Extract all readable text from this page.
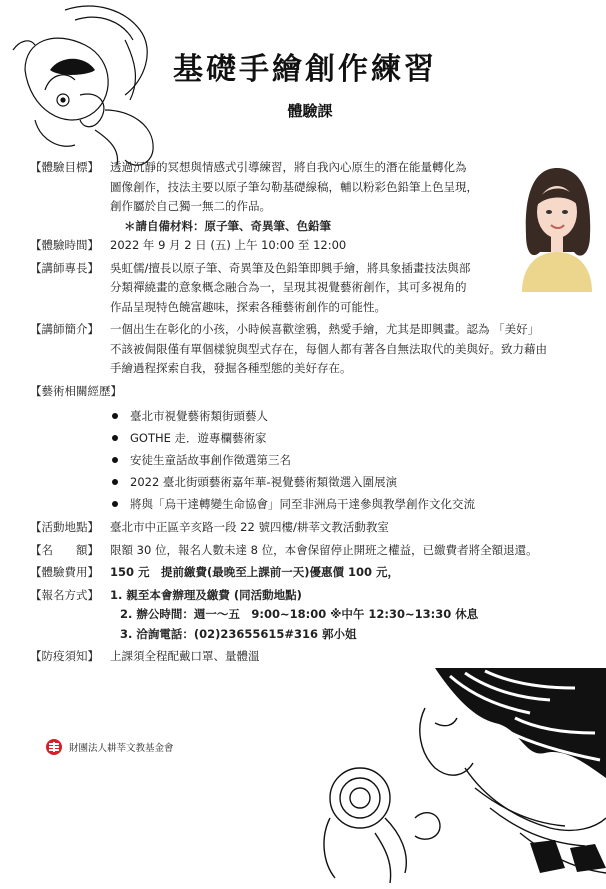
基礎手繪創作練習
體驗課
【體驗目標】 透過沉靜的冥想與情感式引導練習，將自我內心原生的潛在能量轉化為

圖像創作，技法主要以原子筆勾勒基礎線稿，輔以粉彩色鉛筆上色呈現，

創作屬於自己獨一無二的作品。

＊請自備材料：原子筆、奇異筆、色鉛筆

【體驗時間】 2022 年 9 月 2 日 (五) 上午 10:00 至 12:00
【講師專長】 吳虹儒/擅長以原子筆、奇異筆及色鉛筆即興手繪，將具象插畫技法與部

分類禪繞畫的意象概念融合為一，呈現其視覺藝術創作，其可多視角的

作品呈現特色饒富趣味，探索各種藝術創作的可能性。

【講師簡介】 一個出生在彰化的小孩，小時候喜歡塗鴉，熱愛手繪，尤其是即興畫。認為 「美好」

不該被侷限僅有單個樣貌與型式存在，每個人都有著各自無法取代的美與好。致力藉由

手繪過程探索自我，發掘各種型態的美好存在。

【藝術相關經歷】
臺北市視覺藝術類街頭藝人
GOTHE 走．遊專欄藝術家
安徒生童話故事創作徵選第三名
2022 臺北街頭藝術嘉年華-視覺藝術類徵選入圍展演
將與「烏干達轉變生命協會」同至非洲烏干達參與教學創作文化交流
【活動地點】 臺北市中正區辛亥路一段 22 號四樓/耕莘文教活動教室
【名　　額】 限額 30 位，報名人數未達 8 位，本會保留停止開班之權益，已繳費者將全額退還。
【體驗費用】 150 元　提前繳費(最晚至上課前一天)優惠價 100 元，
【報名方式】 1. 親至本會辦理及繳費 (同活動地點)

2. 辦公時間：週一～五　9:00~18:00 ※中午 12:30~13:30 休息

3. 洽詢電話：(02)23655615#316 郭小姐

【防疫須知】 上課須全程配戴口罩、量體溫
財團法人耕莘文教基金會
